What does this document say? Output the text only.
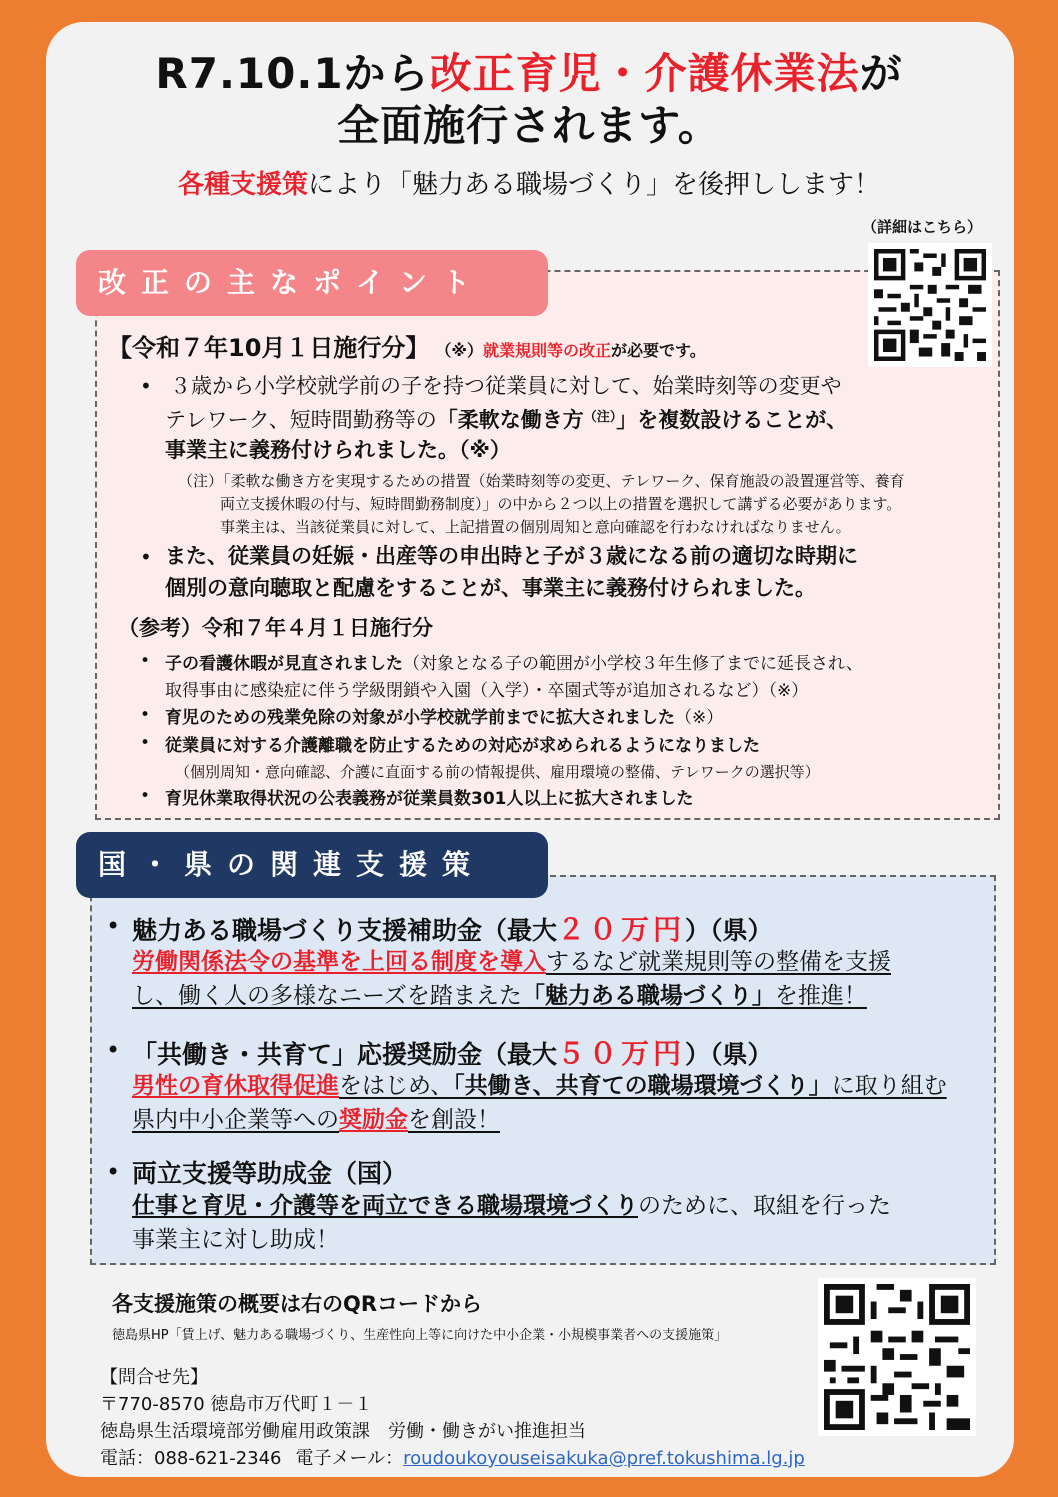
R7.10.1から改正育児・介護休業法が
全面施行されます。
各種支援策により「魅力ある職場づくり」を後押しします！
（詳細はこちら）
改正の主なポイント
【令和７年10月１日施行分】 （※）就業規則等の改正が必要です。
• ３歳から小学校就学前の子を持つ従業員に対して、始業時刻等の変更や
テレワーク、短時間勤務等の「柔軟な働き方$^{(注)}$」を複数設けることが、
事業主に義務付けられました。（※）
（注）「柔軟な働き方を実現するための措置（始業時刻等の変更、テレワーク、保育施設の設置運営等、養育
両立支援休暇の付与、短時間勤務制度）」の中から２つ以上の措置を選択して講ずる必要があります。
事業主は、当該従業員に対して、上記措置の個別周知と意向確認を行わなければなりません。
• また、従業員の妊娠・出産等の申出時と子が３歳になる前の適切な時期に
個別の意向聴取と配慮をすることが、事業主に義務付けられました。
（参考）令和７年４月１日施行分
• 子の看護休暇が見直されました（対象となる子の範囲が小学校３年生修了までに延長され、
取得事由に感染症に伴う学級閉鎖や入園（入学）・卒園式等が追加されるなど）（※）
• 育児のための残業免除の対象が小学校就学前までに拡大されました（※）
• 従業員に対する介護離職を防止するための対応が求められるようになりました
（個別周知・意向確認、介護に直面する前の情報提供、雇用環境の整備、テレワークの選択等）
• 育児休業取得状況の公表義務が従業員数301人以上に拡大されました
国・県の関連支援策
• 魅力ある職場づくり支援補助金（最大２０万円）（県）
労働関係法令の基準を上回る制度を導入するなど就業規則等の整備を支援
し、働く人の多様なニーズを踏まえた「魅力ある職場づくり」を推進！
• 「共働き・共育て」応援奨励金（最大５０万円）（県）
男性の育休取得促進をはじめ、「共働き、共育ての職場環境づくり」に取り組む
県内中小企業等への奨励金を創設！
• 両立支援等助成金（国）
仕事と育児・介護等を両立できる職場環境づくりのために、取組を行った
事業主に対し助成！
各支援施策の概要は右のQRコードから
徳島県HP「賃上げ、魅力ある職場づくり、生産性向上等に向けた中小企業・小規模事業者への支援施策」
【問合せ先】
〒770-8570 徳島市万代町１－１
徳島県生活環境部労働雇用政策課　労働・働きがい推進担当
電話：088-621-2346 電子メール：roudoukoyouseisakuka@pref.tokushima.lg.jp
